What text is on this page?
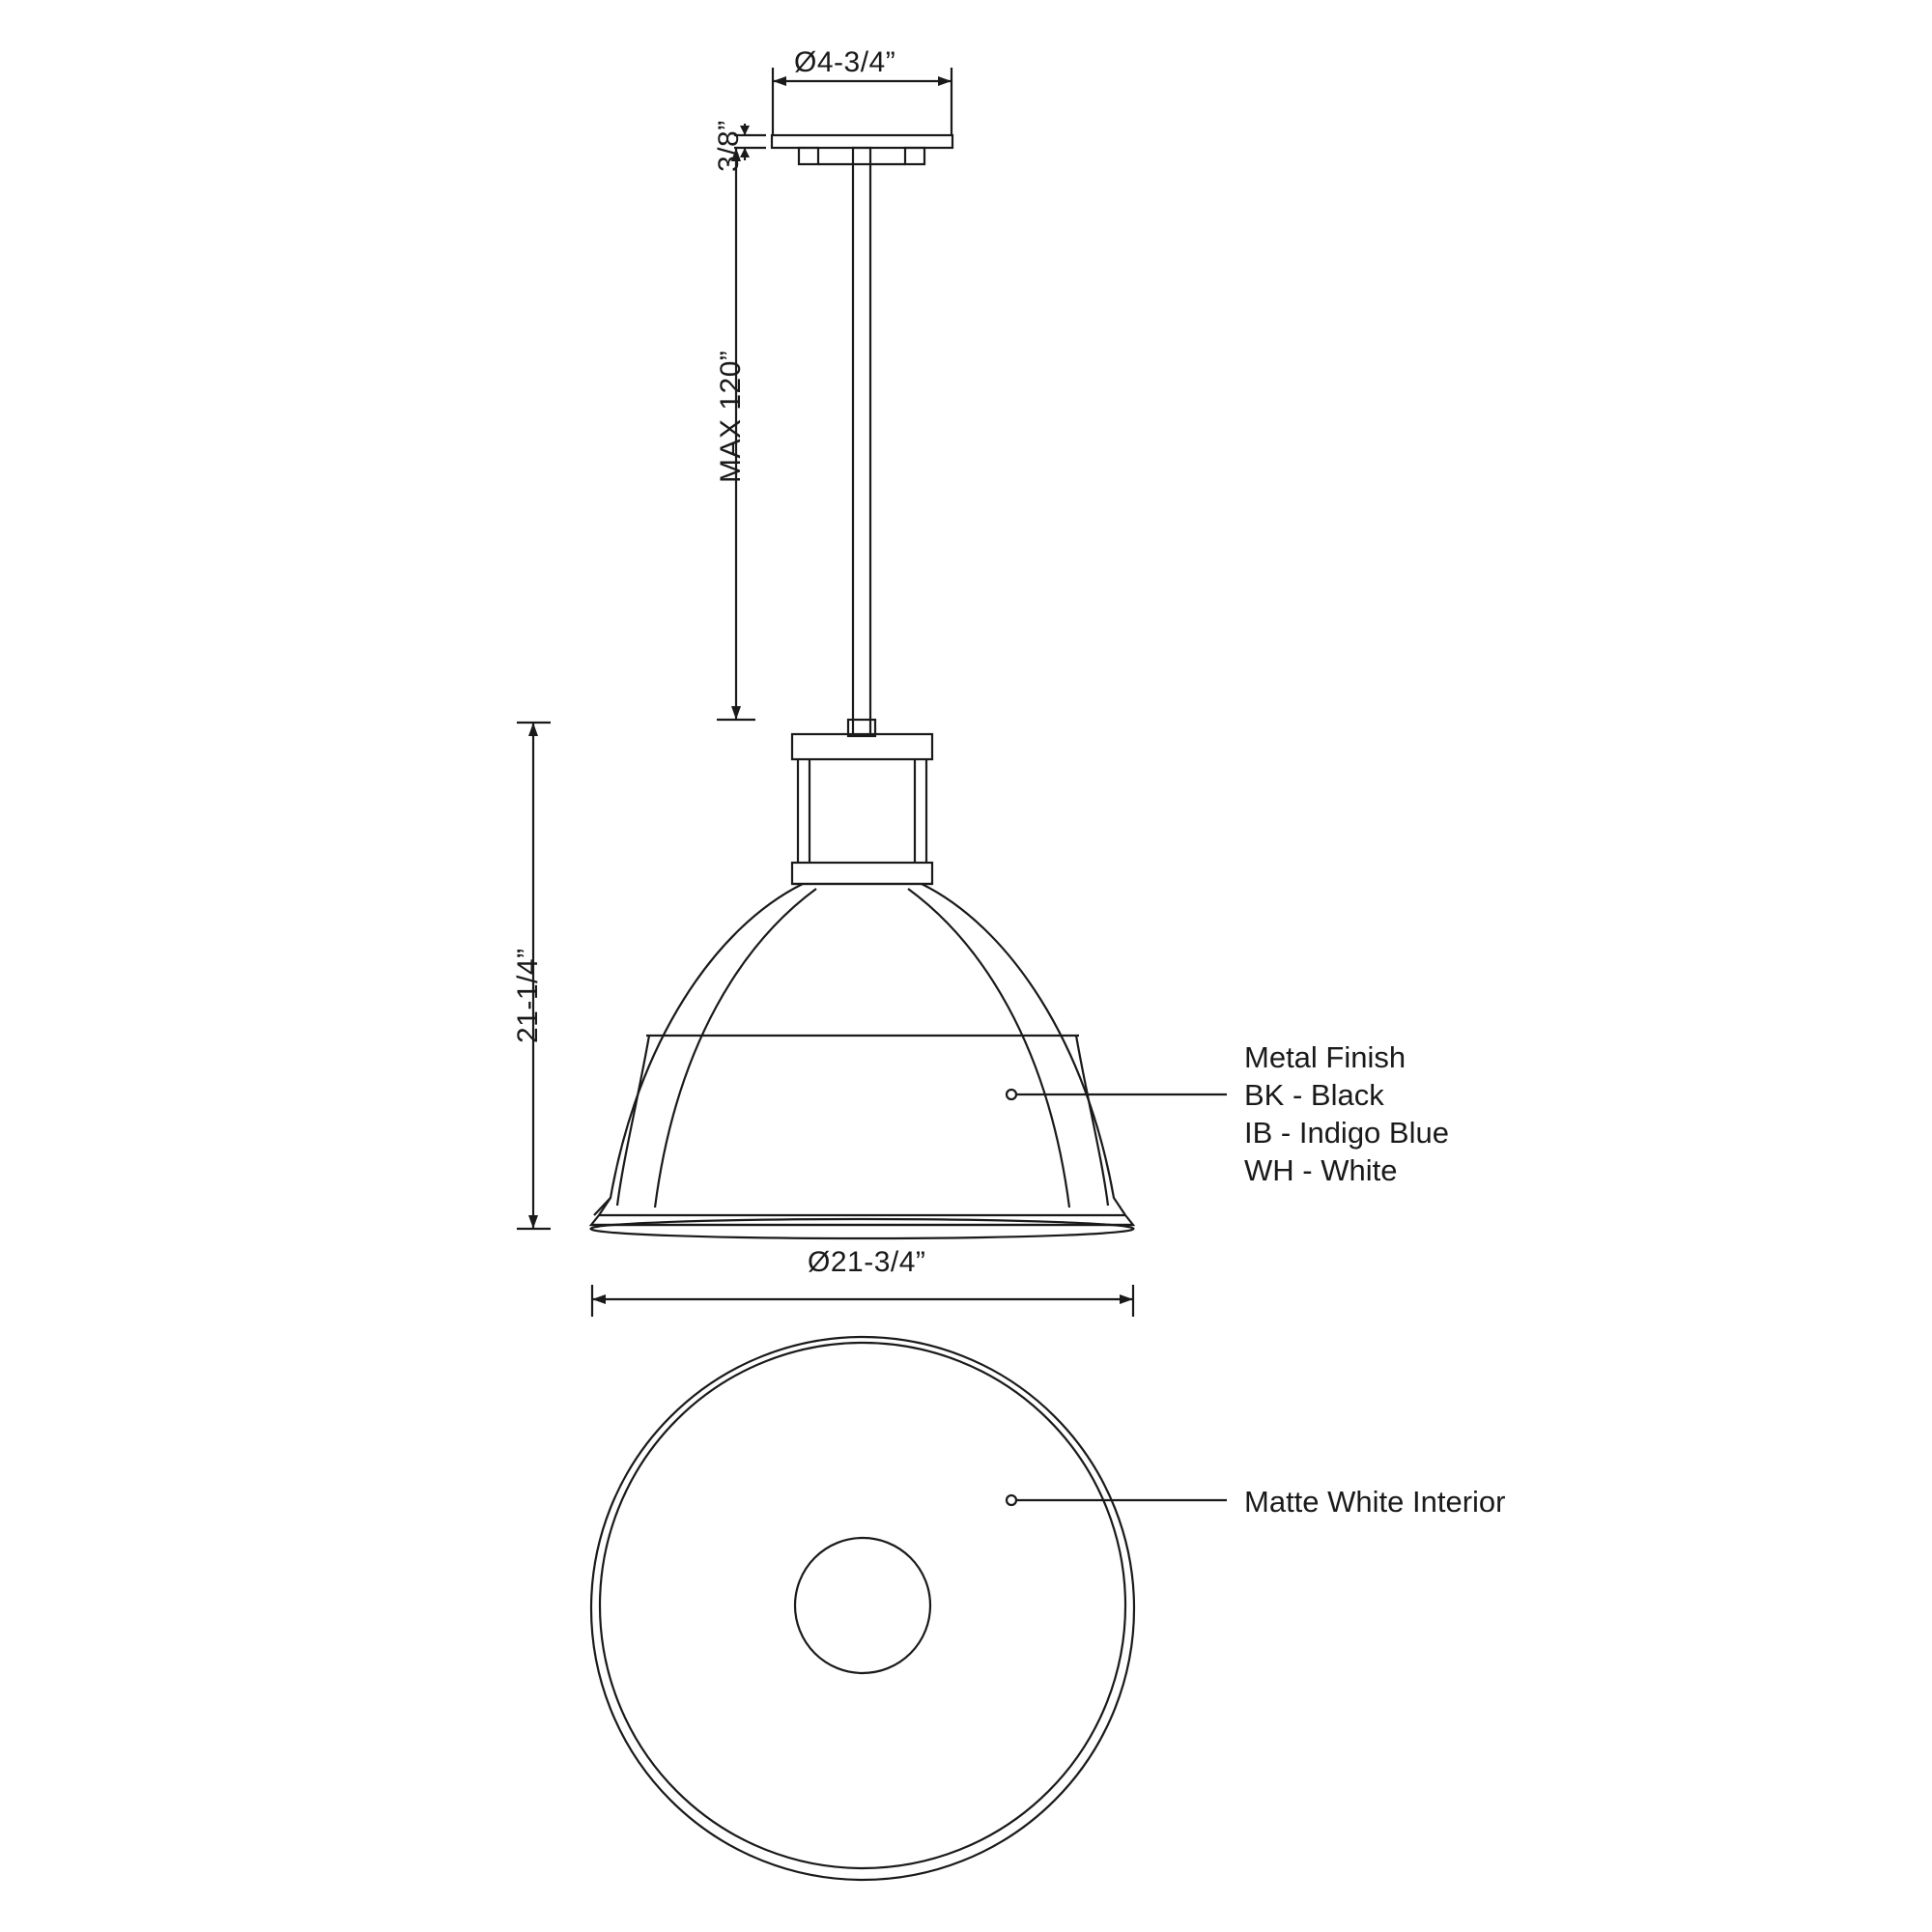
Ø4-3/4”
3/8”
MAX 120”
21-1/4”
Ø21-3/4”
Metal Finish
BK - Black
IB - Indigo Blue
WH - White
Matte White Interior
